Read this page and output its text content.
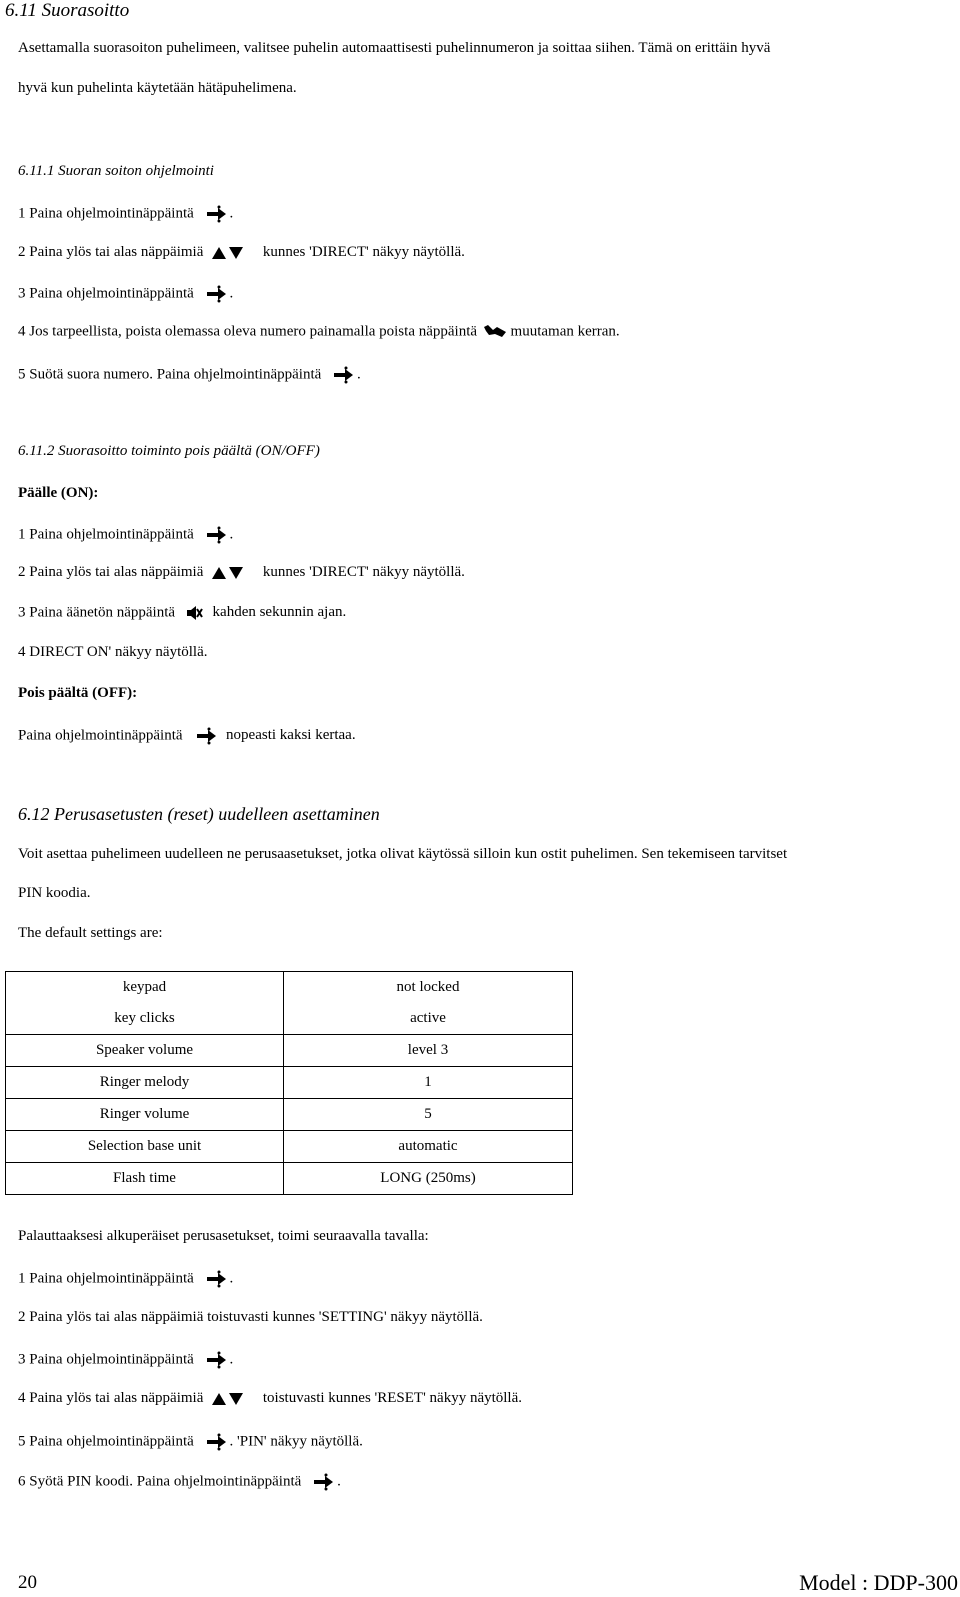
6.11 Suorasoitto
Asettamalla suorasoiton puhelimeen, valitsee puhelin automaattisesti puhelinnumeron ja soittaa siihen. Tämä on erittäin hyvä
hyvä kun puhelinta käytetään hätäpuhelimena.
6.11.1 Suoran soiton ohjelmointi
1 Paina ohjelmointinäppäintä .
2 Paina ylös tai alas näppäimiä	kunnes 'DIRECT' näkyy näytöllä.
3 Paina ohjelmointinäppäintä .
4 Jos tarpeellista, poista olemassa oleva numero painamalla poista näppäintä muutaman kerran.
5 Suötä suora numero. Paina ohjelmointinäppäintä .
6.11.2 Suorasoitto toiminto pois päältä (ON/OFF)
Päälle (ON):
1 Paina ohjelmointinäppäintä .
2 Paina ylös tai alas näppäimiä	kunnes 'DIRECT' näkyy näytöllä.
3 Paina äänetön näppäintä	kahden sekunnin ajan.
4 DIRECT ON' näkyy näytöllä.
Pois päältä (OFF):
Paina ohjelmointinäppäintä	nopeasti kaksi kertaa.
6.12 Perusasetusten (reset) uudelleen asettaminen
Voit asettaa puhelimeen uudelleen ne perusaasetukset, jotka olivat käytössä silloin kun ostit puhelimen. Sen tekemiseen tarvitset
PIN koodia.
The default settings are:
keypad	not locked
key clicks	active
Speaker volume	level 3
Ringer melody	1
Ringer volume	5
Selection base unit	automatic
Flash time	LONG (250ms)
Palauttaaksesi alkuperäiset perusasetukset, toimi seuraavalla tavalla:
1 Paina ohjelmointinäppäintä .
2 Paina ylös tai alas näppäimiä toistuvasti kunnes 'SETTING' näkyy näytöllä.
3 Paina ohjelmointinäppäintä .
4 Paina ylös tai alas näppäimiä	toistuvasti kunnes 'RESET' näkyy näytöllä.
5 Paina ohjelmointinäppäintä . 'PIN' näkyy näytöllä.
6 Syötä PIN koodi. Paina ohjelmointinäppäintä .
20	Model : DDP-300
